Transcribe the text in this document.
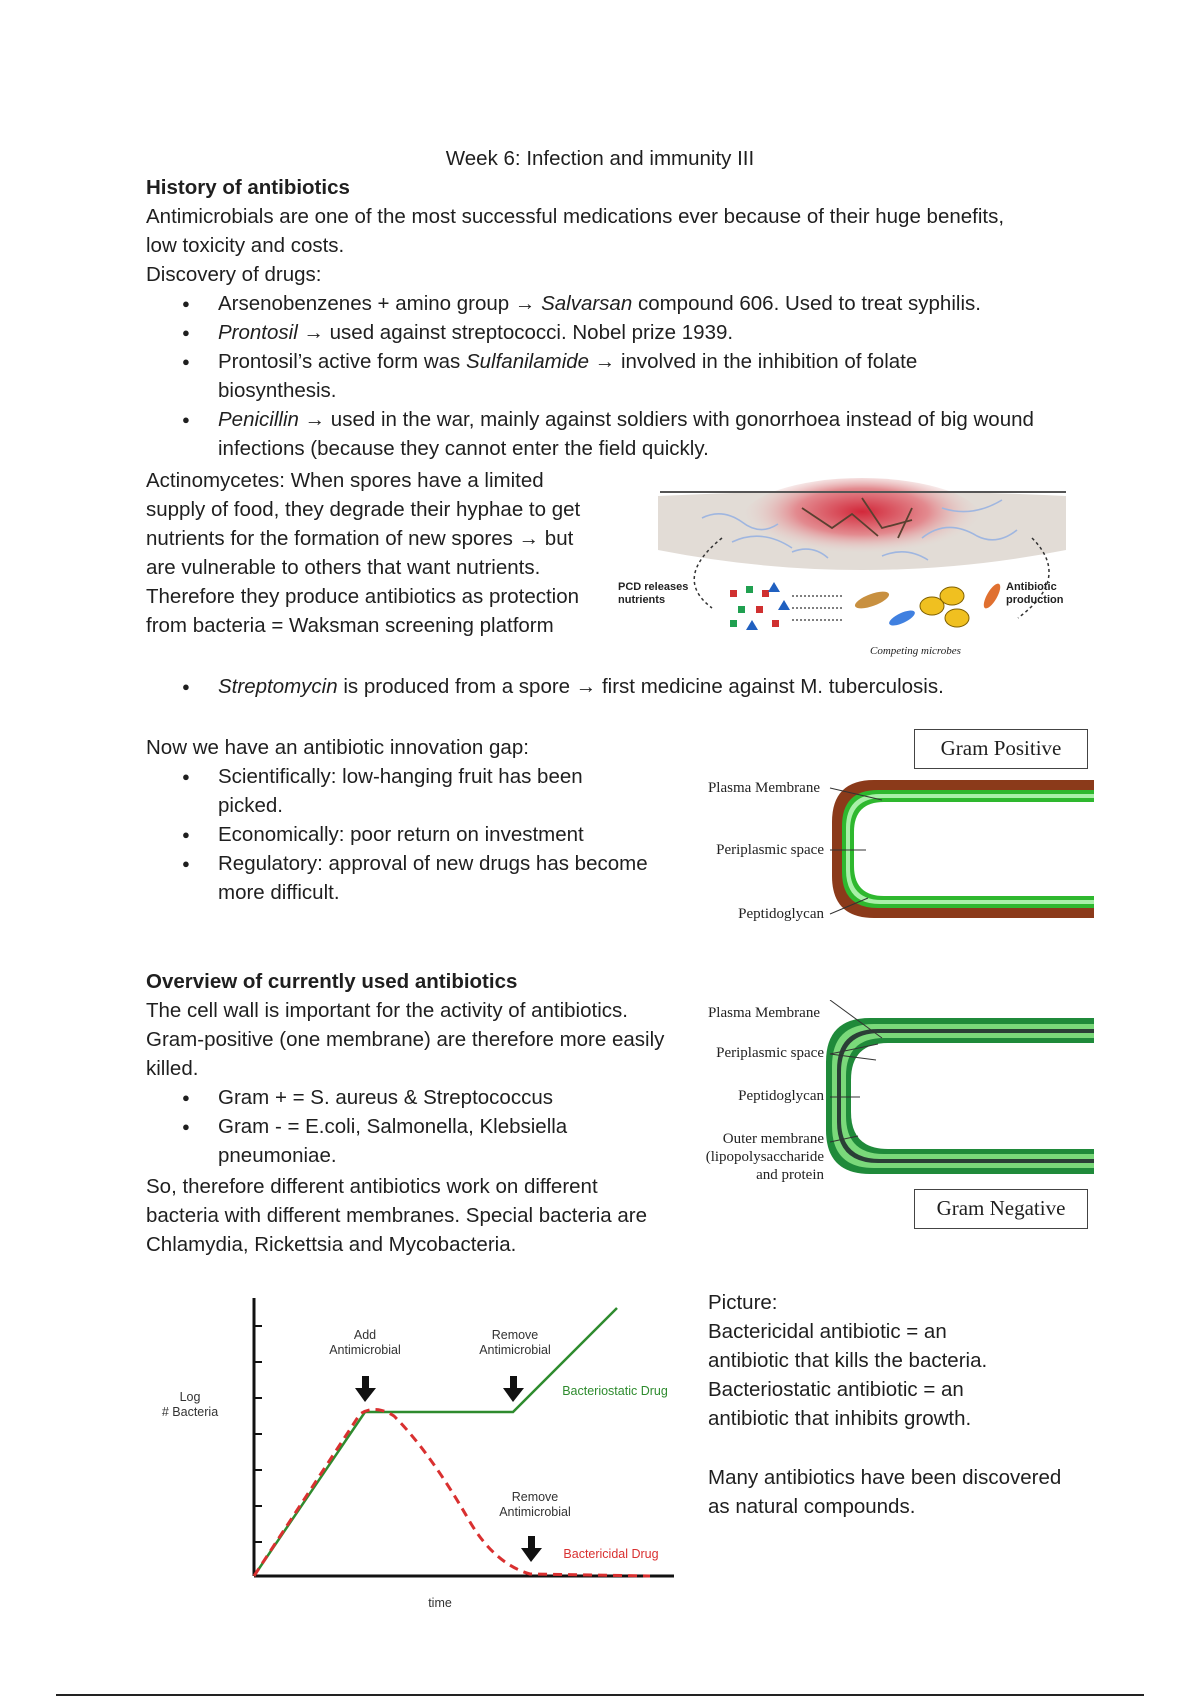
Week 6: Infection and immunity III
History of antibiotics
Antimicrobials are one of the most successful medications ever because of their huge benefits, low toxicity and costs.
Discovery of drugs:
● Arsenobenzenes + amino group → Salvarsan compound 606. Used to treat syphilis.
● Prontosil → used against streptococci. Nobel prize 1939.
● Prontosil’s active form was Sulfanilamide → involved in the inhibition of folate biosynthesis.
● Penicillin → used in the war, mainly against soldiers with gonorrhoea instead of big wound infections (because they cannot enter the field quickly.
Actinomycetes: When spores have a limited supply of food, they degrade their hyphae to get nutrients for the formation of new spores → but are vulnerable to others that want nutrients. Therefore they produce antibiotics as protection from bacteria = Waksman screening platform
PCD releases
nutrients
Antibiotic
production
Competing microbes
● Streptomycin is produced from a spore → first medicine against M. tuberculosis.
Now we have an antibiotic innovation gap:
● Scientifically: low-hanging fruit has been picked.
● Economically: poor return on investment
● Regulatory: approval of new drugs has become more difficult.
Gram Positive
Plasma Membrane
Periplasmic space
Peptidoglycan
Overview of currently used antibiotics
The cell wall is important for the activity of antibiotics. Gram-positive (one membrane) are therefore more easily killed.
● Gram + = S. aureus & Streptococcus
● Gram - = E.coli, Salmonella, Klebsiella pneumoniae.
So, therefore different antibiotics work on different bacteria with different membranes. Special bacteria are Chlamydia, Rickettsia and Mycobacteria.
Plasma Membrane
Periplasmic space
Peptidoglycan
Outer membrane
(lipopolysaccharide
and protein
Gram Negative
Log
# Bacteria
time
Add
Antimicrobial
Remove
Antimicrobial
Remove
Antimicrobial
Bacteriostatic Drug
Bactericidal Drug
Picture:
Bactericidal antibiotic = an antibiotic that kills the bacteria.
Bacteriostatic antibiotic = an antibiotic that inhibits growth.
Many antibiotics have been discovered as natural compounds.
